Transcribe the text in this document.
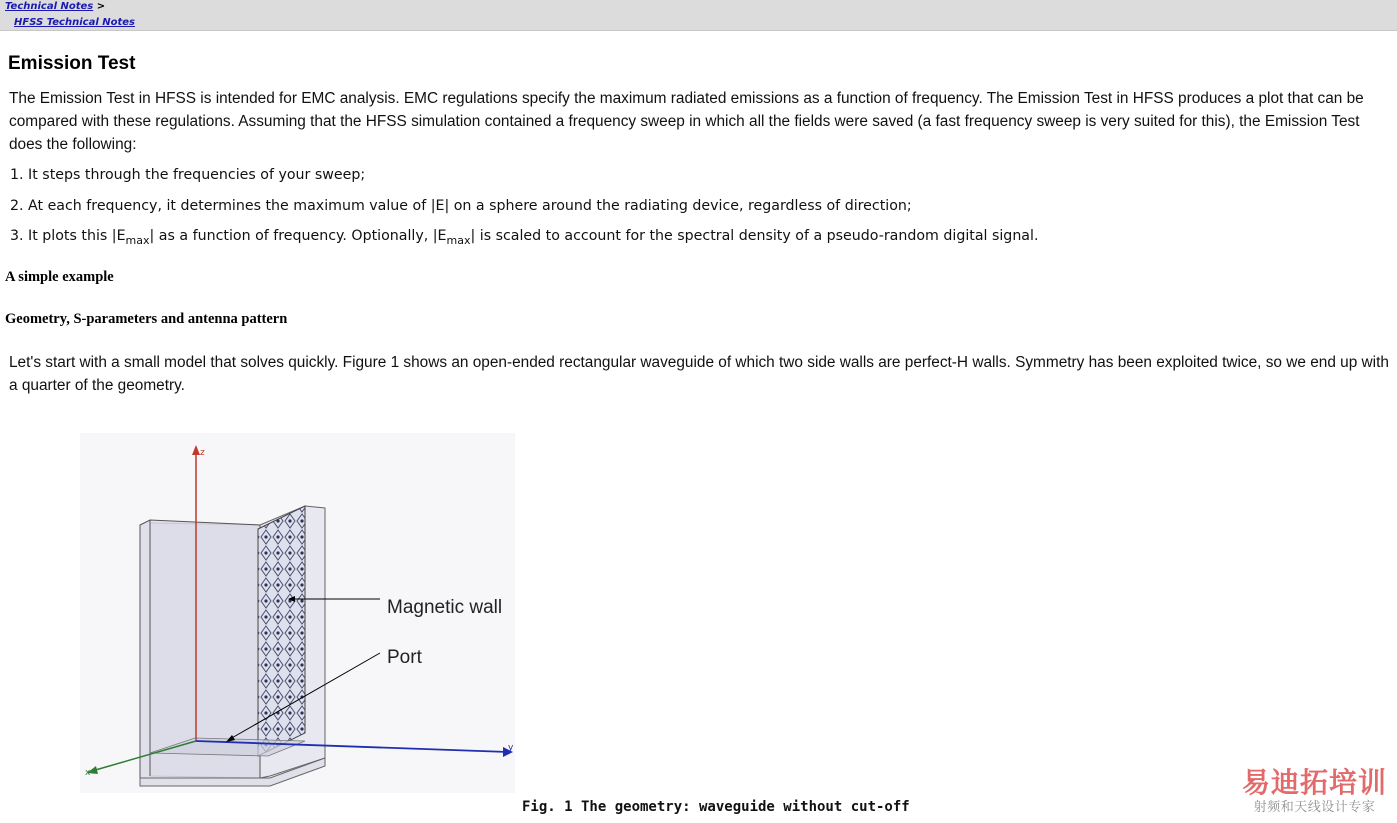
Technical Notes >
HFSS Technical Notes
Emission Test

The Emission Test in HFSS is intended for EMC analysis. EMC regulations specify the maximum radiated emissions as a function of frequency. The Emission Test in HFSS produces a plot that can be compared with these regulations. Assuming that the HFSS simulation contained a frequency sweep in which all the fields were saved (a fast frequency sweep is very suited for this), the Emission Test does the following:

1. It steps through the frequencies of your sweep;

2. At each frequency, it determines the maximum value of |E| on a sphere around the radiating device, regardless of direction;

3. It plots this $|E_{max}|$ as a function of frequency. Optionally, $|E_{max}|$ is scaled to account for the spectral density of a pseudo-random digital signal.

A simple example

Geometry, S-parameters and antenna pattern

Let's start with a small model that solves quickly. Figure 1 shows an open-ended rectangular waveguide of which two side walls are perfect-H walls. Symmetry has been exploited twice, so we end up with a quarter of the geometry.

z
y
x
Magnetic wall
Port

Fig. 1 The geometry: waveguide without cut-off

易迪拓培训
射频和天线设计专家
